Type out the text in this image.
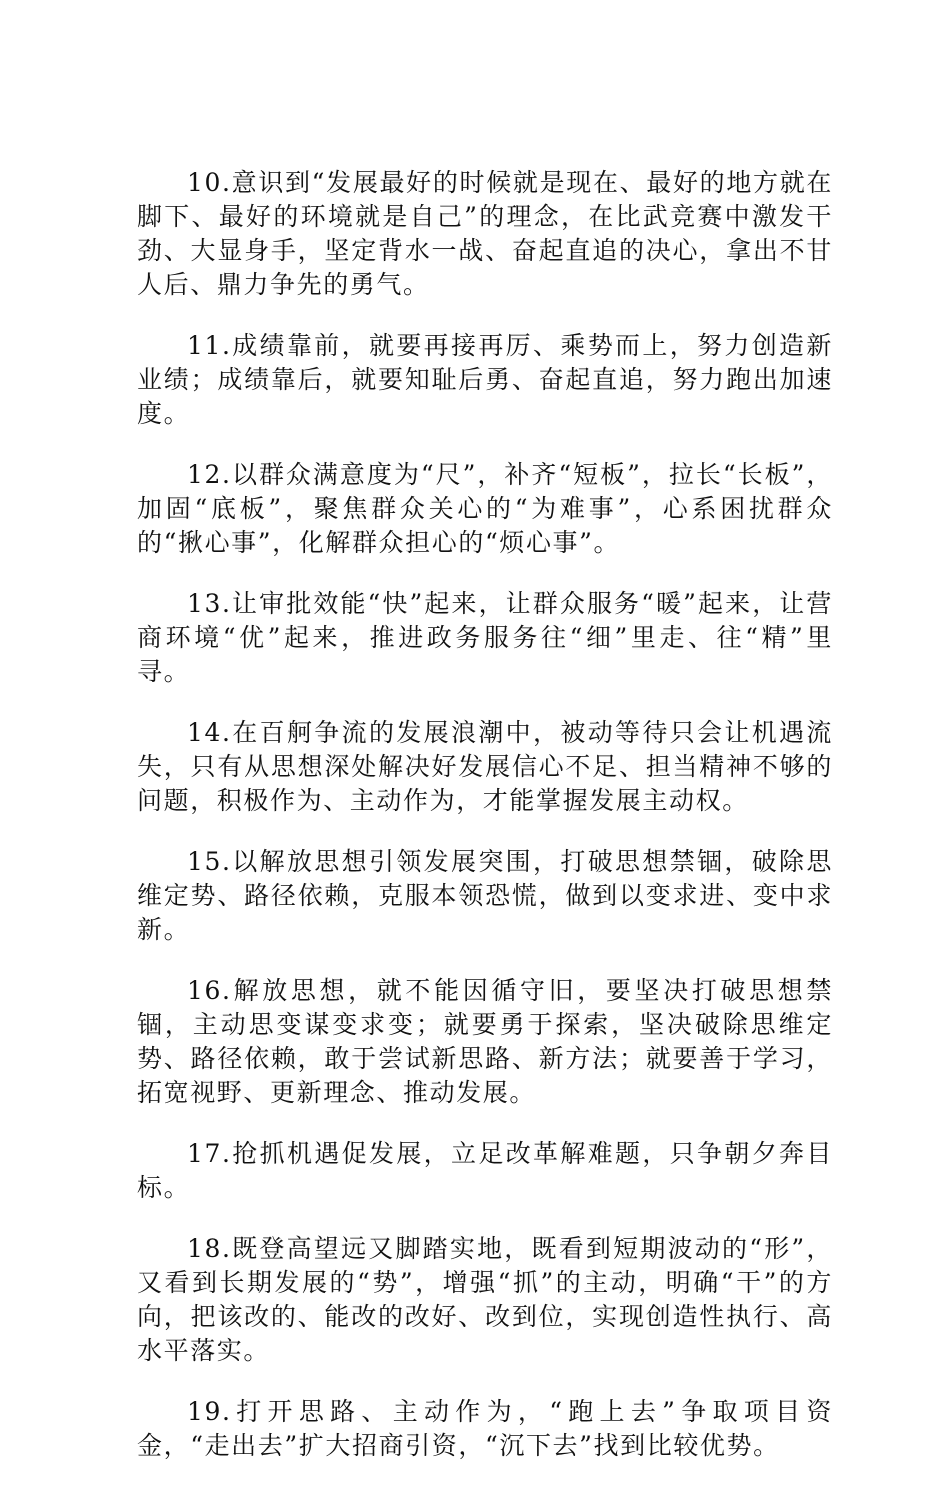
10.意识到“发展最好的时候就是现在、最好的地方就在脚下、最好的环境就是自己”的理念，在比武竞赛中激发干劲、大显身手，坚定背水一战、奋起直追的决心，拿出不甘人后、鼎力争先的勇气。

11.成绩靠前，就要再接再厉、乘势而上，努力创造新业绩；成绩靠后，就要知耻后勇、奋起直追，努力跑出加速度。

12.以群众满意度为“尺”，补齐“短板”，拉长“长板”，加固“底板”，聚焦群众关心的“为难事”，心系困扰群众的“揪心事”，化解群众担心的“烦心事”。

13.让审批效能“快”起来，让群众服务“暖”起来，让营商环境“优”起来，推进政务服务往“细”里走、往“精”里寻。

14.在百舸争流的发展浪潮中，被动等待只会让机遇流失，只有从思想深处解决好发展信心不足、担当精神不够的问题，积极作为、主动作为，才能掌握发展主动权。

15.以解放思想引领发展突围，打破思想禁锢，破除思维定势、路径依赖，克服本领恐慌，做到以变求进、变中求新。

16.解放思想，就不能因循守旧，要坚决打破思想禁锢，主动思变谋变求变；就要勇于探索，坚决破除思维定势、路径依赖，敢于尝试新思路、新方法；就要善于学习，拓宽视野、更新理念、推动发展。

17.抢抓机遇促发展，立足改革解难题，只争朝夕奔目标。

18.既登高望远又脚踏实地，既看到短期波动的“形”，又看到长期发展的“势”，增强“抓”的主动，明确“干”的方向，把该改的、能改的改好、改到位，实现创造性执行、高水平落实。

19.打开思路、主动作为，“跑上去”争取项目资金，“走出去”扩大招商引资，“沉下去”找到比较优势。
